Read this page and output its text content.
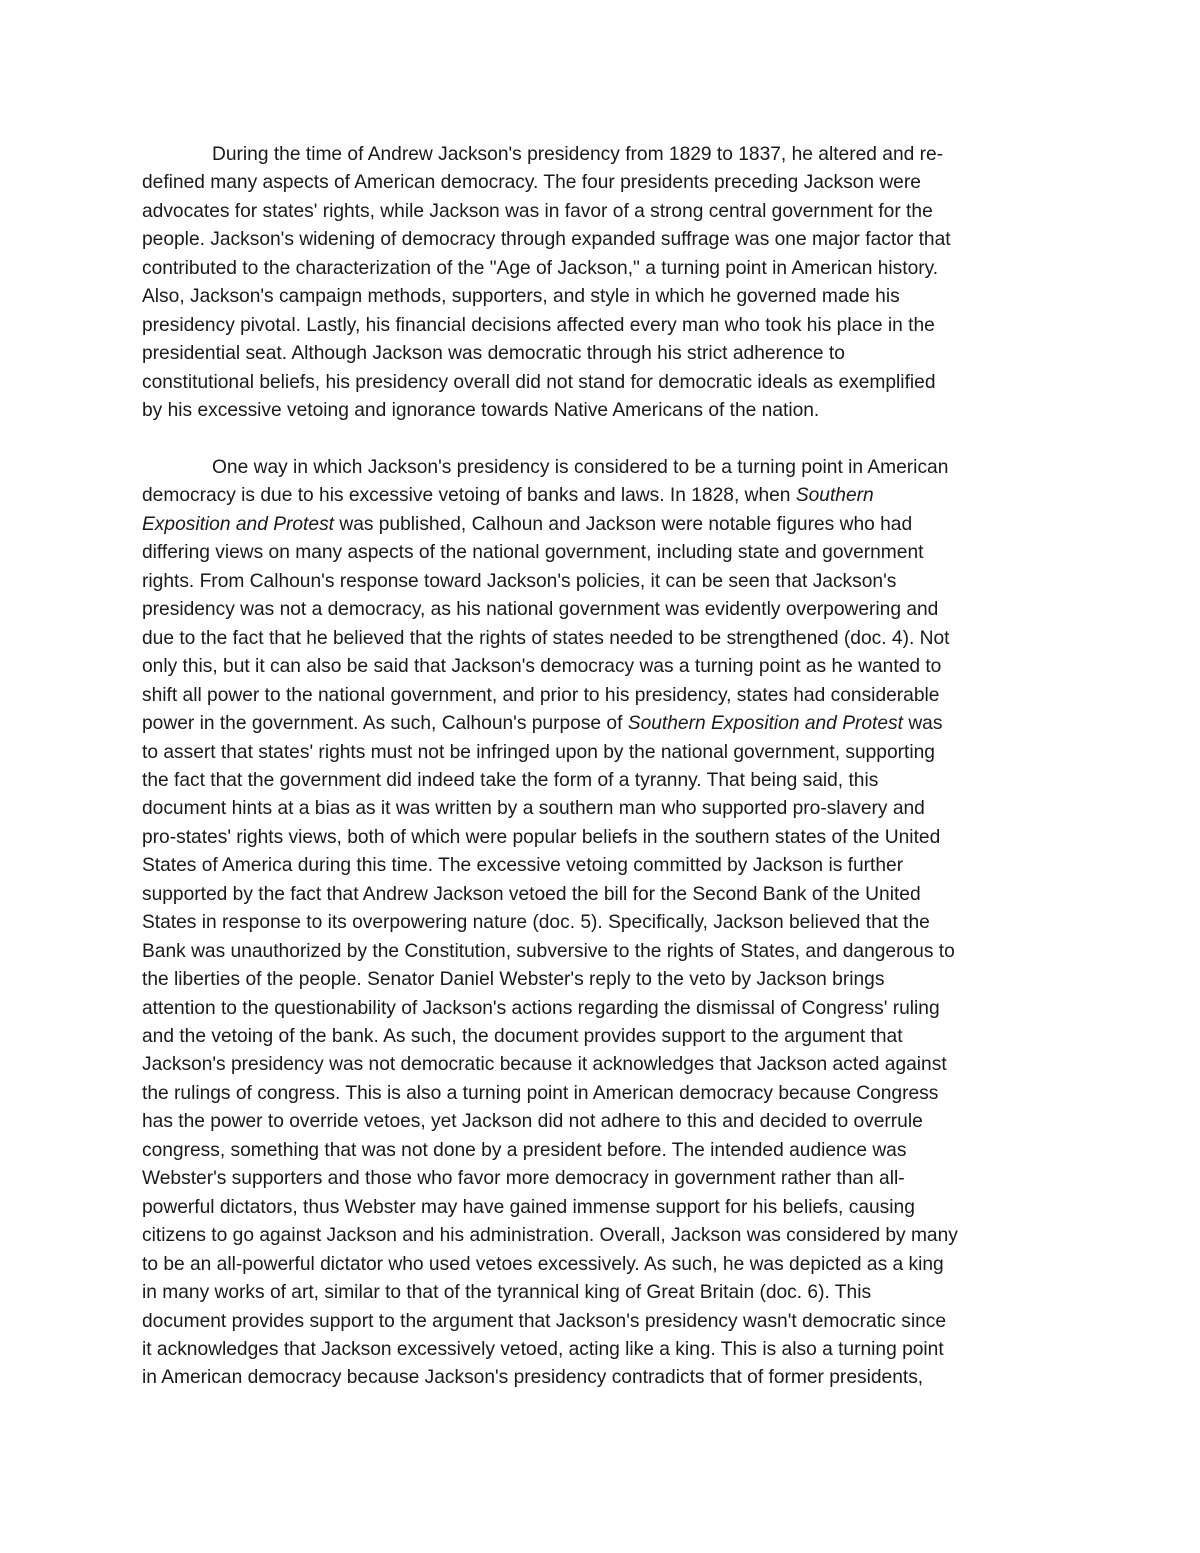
During the time of Andrew Jackson's presidency from 1829 to 1837, he altered and re-
defined many aspects of American democracy. The four presidents preceding Jackson were
advocates for states' rights, while Jackson was in favor of a strong central government for the
people. Jackson's widening of democracy through expanded suffrage was one major factor that
contributed to the characterization of the "Age of Jackson," a turning point in American history.
Also, Jackson's campaign methods, supporters, and style in which he governed made his
presidency pivotal. Lastly, his financial decisions affected every man who took his place in the
presidential seat. Although Jackson was democratic through his strict adherence to
constitutional beliefs, his presidency overall did not stand for democratic ideals as exemplified
by his excessive vetoing and ignorance towards Native Americans of the nation.

One way in which Jackson's presidency is considered to be a turning point in American
democracy is due to his excessive vetoing of banks and laws. In 1828, when Southern
Exposition and Protest was published, Calhoun and Jackson were notable figures who had
differing views on many aspects of the national government, including state and government
rights. From Calhoun's response toward Jackson's policies, it can be seen that Jackson's
presidency was not a democracy, as his national government was evidently overpowering and
due to the fact that he believed that the rights of states needed to be strengthened (doc. 4). Not
only this, but it can also be said that Jackson's democracy was a turning point as he wanted to
shift all power to the national government, and prior to his presidency, states had considerable
power in the government. As such, Calhoun's purpose of Southern Exposition and Protest was
to assert that states' rights must not be infringed upon by the national government, supporting
the fact that the government did indeed take the form of a tyranny. That being said, this
document hints at a bias as it was written by a southern man who supported pro-slavery and
pro-states' rights views, both of which were popular beliefs in the southern states of the United
States of America during this time. The excessive vetoing committed by Jackson is further
supported by the fact that Andrew Jackson vetoed the bill for the Second Bank of the United
States in response to its overpowering nature (doc. 5). Specifically, Jackson believed that the
Bank was unauthorized by the Constitution, subversive to the rights of States, and dangerous to
the liberties of the people. Senator Daniel Webster's reply to the veto by Jackson brings
attention to the questionability of Jackson's actions regarding the dismissal of Congress' ruling
and the vetoing of the bank. As such, the document provides support to the argument that
Jackson's presidency was not democratic because it acknowledges that Jackson acted against
the rulings of congress. This is also a turning point in American democracy because Congress
has the power to override vetoes, yet Jackson did not adhere to this and decided to overrule
congress, something that was not done by a president before. The intended audience was
Webster's supporters and those who favor more democracy in government rather than all-
powerful dictators, thus Webster may have gained immense support for his beliefs, causing
citizens to go against Jackson and his administration. Overall, Jackson was considered by many
to be an all-powerful dictator who used vetoes excessively. As such, he was depicted as a king
in many works of art, similar to that of the tyrannical king of Great Britain (doc. 6). This
document provides support to the argument that Jackson's presidency wasn't democratic since
it acknowledges that Jackson excessively vetoed, acting like a king. This is also a turning point
in American democracy because Jackson's presidency contradicts that of former presidents,
